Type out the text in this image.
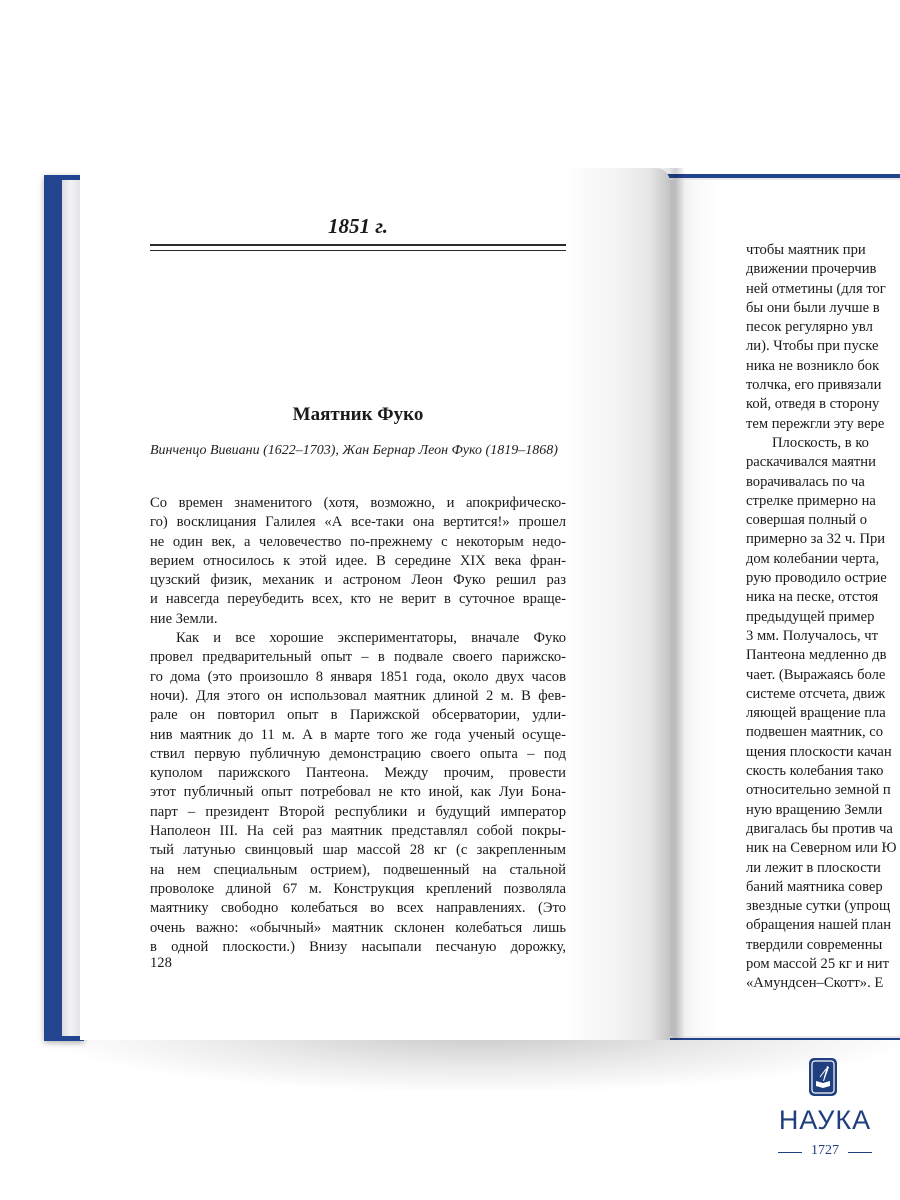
1851 г.
Маятник Фуко
Винченцо Вивиани (1622–1703), Жан Бернар Леон Фуко (1819–1868)
Со времен знаменитого (хотя, возможно, и апокрифическо-
го) восклицания Галилея «А все-таки она вертится!» прошел
не один век, а человечество по-прежнему с некоторым недо-
верием относилось к этой идее. В середине XIX века фран-
цузский физик, механик и астроном Леон Фуко решил раз
и навсегда переубедить всех, кто не верит в суточное враще-
ние Земли.
Как и все хорошие экспериментаторы, вначале Фуко
провел предварительный опыт – в подвале своего парижско-
го дома (это произошло 8 января 1851 года, около двух часов
ночи). Для этого он использовал маятник длиной 2 м. В фев-
рале он повторил опыт в Парижской обсерватории, удли-
нив маятник до 11 м. А в марте того же года ученый осуще-
ствил первую публичную демонстрацию своего опыта – под
куполом парижского Пантеона. Между прочим, провести
этот публичный опыт потребовал не кто иной, как Луи Бона-
парт – президент Второй республики и будущий император
Наполеон III. На сей раз маятник представлял собой покры-
тый латунью свинцовый шар массой 28 кг (с закрепленным
на нем специальным острием), подвешенный на стальной
проволоке длиной 67 м. Конструкция креплений позволяла
маятнику свободно колебаться во всех направлениях. (Это
очень важно: «обычный» маятник склонен колебаться лишь
в одной плоскости.) Внизу насыпали песчаную дорожку,
128
чтобы маятник при
движении прочерчив
ней отметины (для тог
бы они были лучше в
песок регулярно увл
ли). Чтобы при пуске
ника не возникло бок
толчка, его привязали
кой, отведя в сторону
тем пережгли эту вере
Плоскость, в ко
раскачивался маятни
ворачивалась по ча
стрелке примерно на
совершая полный о
примерно за 32 ч. При
дом колебании черта,
рую проводило острие
ника на песке, отстоя
предыдущей пример
3 мм. Получалось, чт
Пантеона медленно дв
чает. (Выражаясь боле
системе отсчета, движ
ляющей вращение пла
подвешен маятник, со
щения плоскости качан
скость колебания тако
относительно земной п
ную вращению Земли
двигалась бы против ча
ник на Северном или Ю
ли лежит в плоскости
баний маятника совер
звездные сутки (упрощ
обращения нашей план
твердили современны
ром массой 25 кг и нит
«Амундсен–Скотт». Е
НАУКА
1727
